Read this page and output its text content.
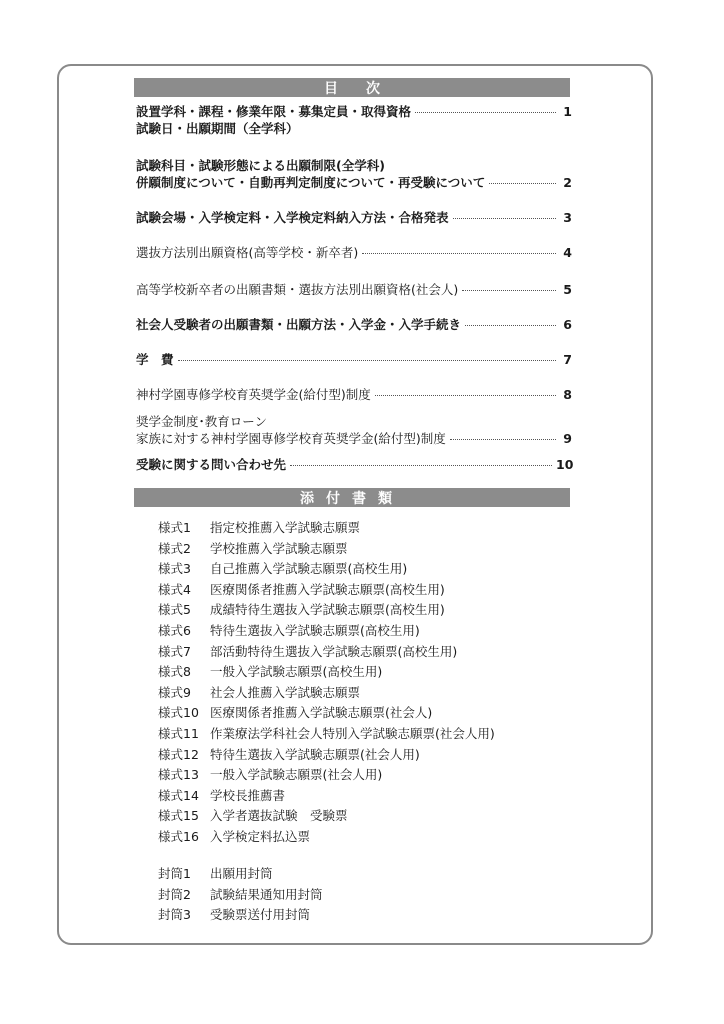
目　　次
設置学科・課程・修業年限・募集定員・取得資格	1
試験日・出願期間（全学科）
試験科目・試験形態による出願制限(全学科)
併願制度について・自動再判定制度について・再受験について	2
試験会場・入学検定料・入学検定料納入方法・合格発表	3
選抜方法別出願資格(高等学校・新卒者)	4
高等学校新卒者の出願書類・選抜方法別出願資格(社会人)	5
社会人受験者の出願書類・出願方法・入学金・入学手続き	6
学　費	7
神村学園専修学校育英奨学金(給付型)制度	8
奨学金制度･教育ローン
家族に対する神村学園専修学校育英奨学金(給付型)制度	9
受験に関する問い合わせ先	10
添付書類
様式1	指定校推薦入学試験志願票
様式2	学校推薦入学試験志願票
様式3	自己推薦入学試験志願票(高校生用)
様式4	医療関係者推薦入学試験志願票(高校生用)
様式5	成績特待生選抜入学試験志願票(高校生用)
様式6	特待生選抜入学試験志願票(高校生用)
様式7	部活動特待生選抜入学試験志願票(高校生用)
様式8	一般入学試験志願票(高校生用)
様式9	社会人推薦入学試験志願票
様式10 医療関係者推薦入学試験志願票(社会人)
様式11 作業療法学科社会人特別入学試験志願票(社会人用)
様式12 特待生選抜入学試験志願票(社会人用)
様式13 一般入学試験志願票(社会人用)
様式14 学校長推薦書
様式15 入学者選抜試験　受験票
様式16 入学検定料払込票
封筒1	出願用封筒
封筒2	試験結果通知用封筒
封筒3	受験票送付用封筒
